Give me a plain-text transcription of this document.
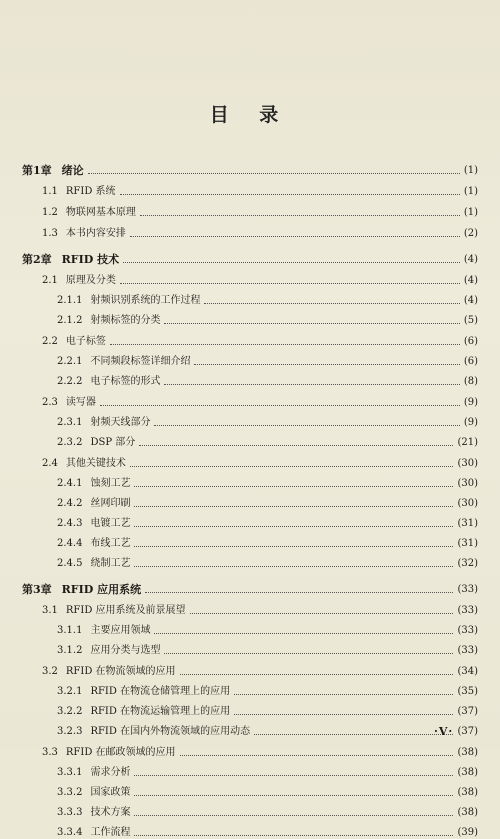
目 录
第1章 绪论	(1)
1.1 RFID 系统	(1)
1.2 物联网基本原理	(1)
1.3 本书内容安排	(2)
第2章 RFID 技术	(4)
2.1 原理及分类	(4)
2.1.1 射频识别系统的工作过程	(4)
2.1.2 射频标签的分类	(5)
2.2 电子标签	(6)
2.2.1 不同频段标签详细介绍	(6)
2.2.2 电子标签的形式	(8)
2.3 读写器	(9)
2.3.1 射频天线部分	(9)
2.3.2 DSP 部分	(21)
2.4 其他关键技术	(30)
2.4.1 蚀刻工艺	(30)
2.4.2 丝网印刷	(30)
2.4.3 电镀工艺	(31)
2.4.4 布线工艺	(31)
2.4.5 绕制工艺	(32)
第3章 RFID 应用系统	(33)
3.1 RFID 应用系统及前景展望	(33)
3.1.1 主要应用领域	(33)
3.1.2 应用分类与选型	(33)
3.2 RFID 在物流领域的应用	(34)
3.2.1 RFID 在物流仓储管理上的应用	(35)
3.2.2 RFID 在物流运输管理上的应用	(37)
3.2.3 RFID 在国内外物流领域的应用动态	(37)
3.3 RFID 在邮政领域的应用	(38)
3.3.1 需求分析	(38)
3.3.2 国家政策	(38)
3.3.3 技术方案	(38)
3.3.4 工作流程	(39)
·V·
